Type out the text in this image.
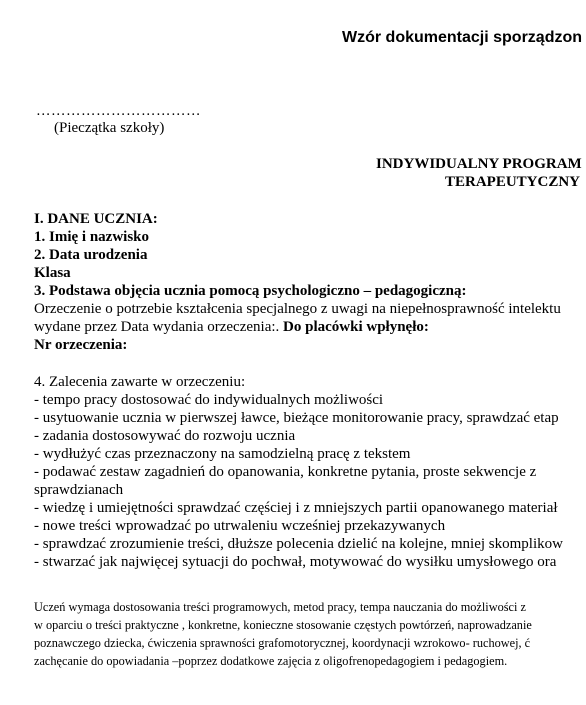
Wzór dokumentacji sporządzon
……………………………
(Pieczątka szkoły)
INDYWIDUALNY PROGRAM
TERAPEUTYCZNY
I. DANE UCZNIA:
1. Imię i nazwisko
2. Data urodzenia
Klasa
3. Podstawa objęcia ucznia pomocą psychologiczno – pedagogiczną:
Orzeczenie o potrzebie kształcenia specjalnego z uwagi na niepełnosprawność intelektu
wydane przez Data wydania orzeczenia:. Do placówki wpłynęło:
Nr orzeczenia:
4. Zalecenia zawarte w orzeczeniu:
- tempo pracy dostosować do indywidualnych możliwości
- usytuowanie ucznia w pierwszej ławce, bieżące monitorowanie pracy, sprawdzać etap
- zadania dostosowywać do rozwoju ucznia
- wydłużyć czas przeznaczony na samodzielną pracę z tekstem
- podawać zestaw zagadnień do opanowania, konkretne pytania, proste sekwencje z
sprawdzianach
- wiedzę i umiejętności sprawdzać częściej i z mniejszych partii opanowanego materiał
- nowe treści wprowadzać po utrwaleniu wcześniej przekazywanych
- sprawdzać zrozumienie treści, dłuższe polecenia dzielić na kolejne, mniej skomplikow
- stwarzać jak najwięcej sytuacji do pochwał, motywować do wysiłku umysłowego ora
Uczeń wymaga dostosowania treści programowych, metod pracy, tempa nauczania do możliwości z
w oparciu o treści praktyczne , konkretne, konieczne stosowanie częstych powtórzeń, naprowadzanie
poznawczego dziecka, ćwiczenia sprawności grafomotorycznej, koordynacji wzrokowo- ruchowej, ć
zachęcanie do opowiadania –poprzez dodatkowe zajęcia z oligofrenopedagogiem i pedagogiem.
